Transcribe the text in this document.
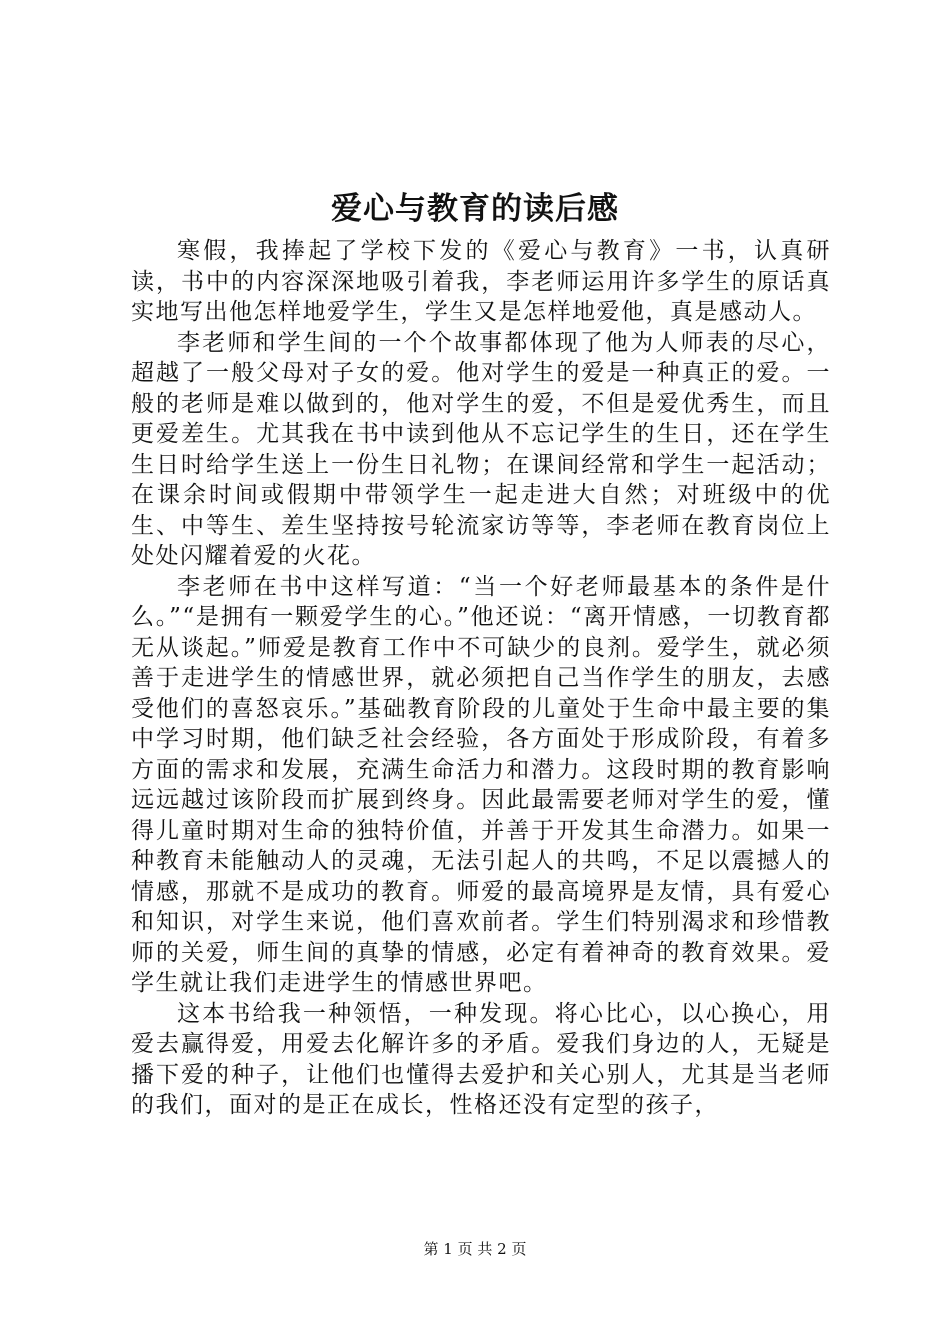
爱心与教育的读后感

寒假，我捧起了学校下发的《爱心与教育》一书，认真研读，书中的内容深深地吸引着我，李老师运用许多学生的原话真实地写出他怎样地爱学生，学生又是怎样地爱他，真是感动人。

李老师和学生间的一个个故事都体现了他为人师表的尽心，超越了一般父母对子女的爱。他对学生的爱是一种真正的爱。一般的老师是难以做到的，他对学生的爱，不但是爱优秀生，而且更爱差生。尤其我在书中读到他从不忘记学生的生日，还在学生生日时给学生送上一份生日礼物；在课间经常和学生一起活动；在课余时间或假期中带领学生一起走进大自然；对班级中的优生、中等生、差生坚持按号轮流家访等等，李老师在教育岗位上处处闪耀着爱的火花。

李老师在书中这样写道：“当一个好老师最基本的条件是什么。”“是拥有一颗爱学生的心。”他还说：“离开情感，一切教育都无从谈起。”师爱是教育工作中不可缺少的良剂。爱学生，就必须善于走进学生的情感世界，就必须把自己当作学生的朋友，去感受他们的喜怒哀乐。”基础教育阶段的儿童处于生命中最主要的集中学习时期，他们缺乏社会经验，各方面处于形成阶段，有着多方面的需求和发展，充满生命活力和潜力。这段时期的教育影响远远越过该阶段而扩展到终身。因此最需要老师对学生的爱，懂得儿童时期对生命的独特价值，并善于开发其生命潜力。如果一种教育未能触动人的灵魂，无法引起人的共鸣，不足以震撼人的情感，那就不是成功的教育。师爱的最高境界是友情，具有爱心和知识，对学生来说，他们喜欢前者。学生们特别渴求和珍惜教师的关爱，师生间的真挚的情感，必定有着神奇的教育效果。爱学生就让我们走进学生的情感世界吧。

这本书给我一种领悟，一种发现。将心比心，以心换心，用爱去赢得爱，用爱去化解许多的矛盾。爱我们身边的人，无疑是播下爱的种子，让他们也懂得去爱护和关心别人，尤其是当老师的我们，面对的是正在成长，性格还没有定型的孩子，

第 1 页 共 2 页
